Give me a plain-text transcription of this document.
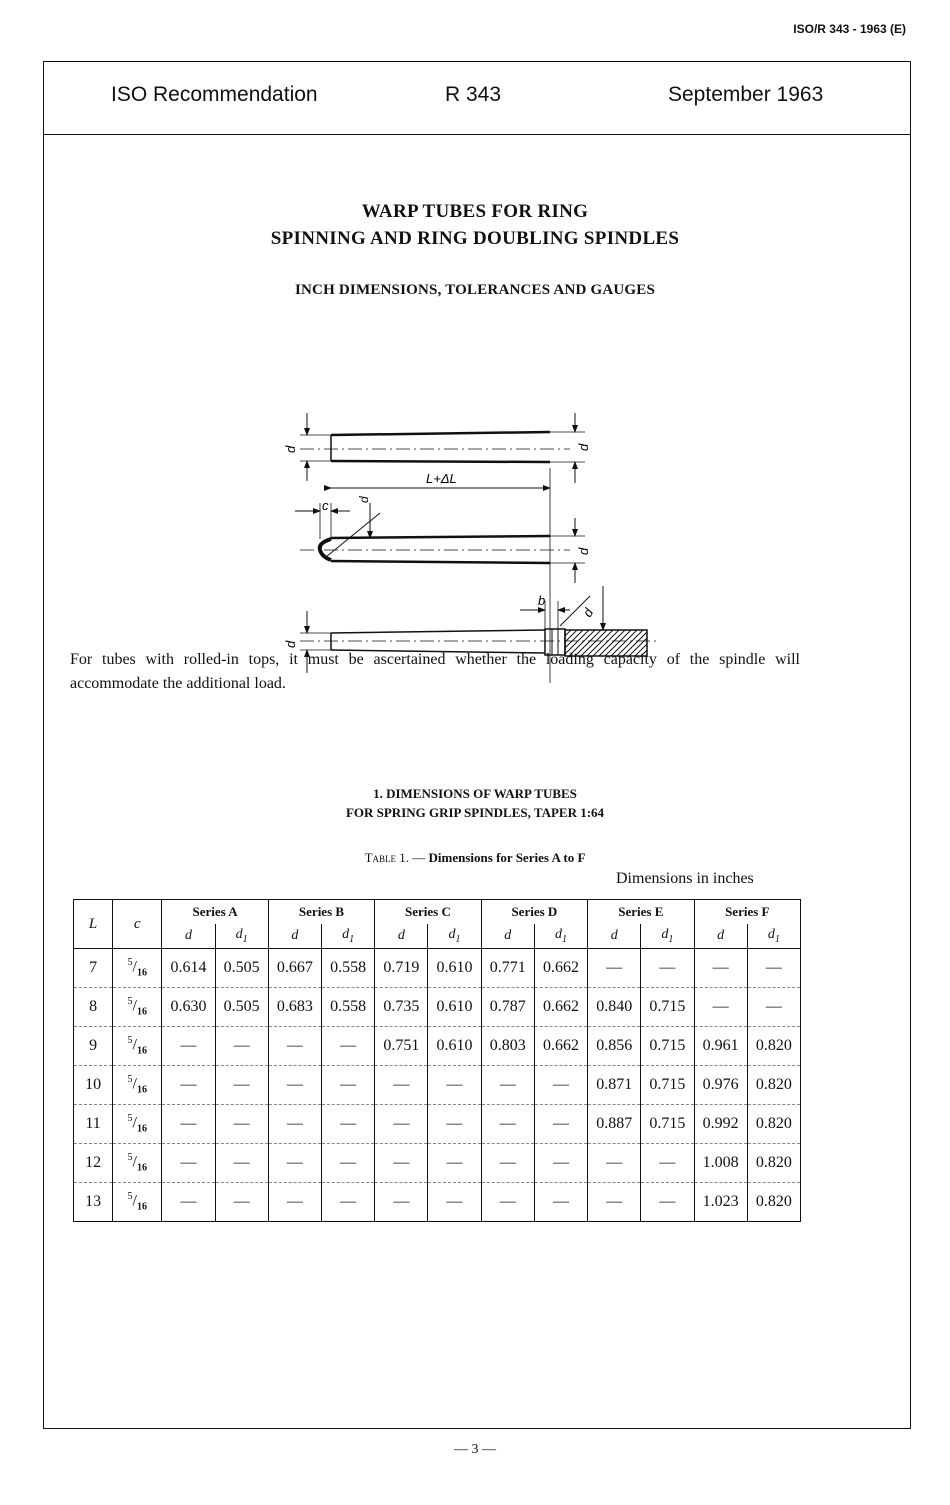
ISO/R 343 - 1963 (E)
ISO Recommendation	R 343	September 1963
WARP TUBES FOR RING
SPINNING AND RING DOUBLING SPINDLES
INCH DIMENSIONS, TOLERANCES AND GAUGES
d	d
L+ΔL
c d
d
b
d
d
For tubes with rolled-in tops, it must be ascertained whether the loading capacity of the spindle will accommodate the additional load.
1. DIMENSIONS OF WARP TUBES
FOR SPRING GRIP SPINDLES, TAPER 1:64
Table 1. — Dimensions for Series A to F
Dimensions in inches
L	c	Series A		Series B		Series C		Series D		Series E		Series F	
		d	$d_1$	d	$d_1$	d	$d_1$	d	$d_1$	d	$d_1$	d	$d_1$
7	$^5/_{16}$	0.614	0.505	0.667	0.558	0.719	0.610	0.771	0.662	—	—	—	—
8	$^5/_{16}$	0.630	0.505	0.683	0.558	0.735	0.610	0.787	0.662	0.840	0.715	—	—
9	$^5/_{16}$	—	—	—	—	0.751	0.610	0.803	0.662	0.856	0.715	0.961	0.820
10	$^5/_{16}$	—	—	—	—	—	—	—	—	0.871	0.715	0.976	0.820
11	$^5/_{16}$	—	—	—	—	—	—	—	—	0.887	0.715	0.992	0.820
12	$^5/_{16}$	—	—	—	—	—	—	—	—	—	—	1.008	0.820
13	$^5/_{16}$	—	—	—	—	—	—	—	—	—	—	1.023	0.820
— 3 —
